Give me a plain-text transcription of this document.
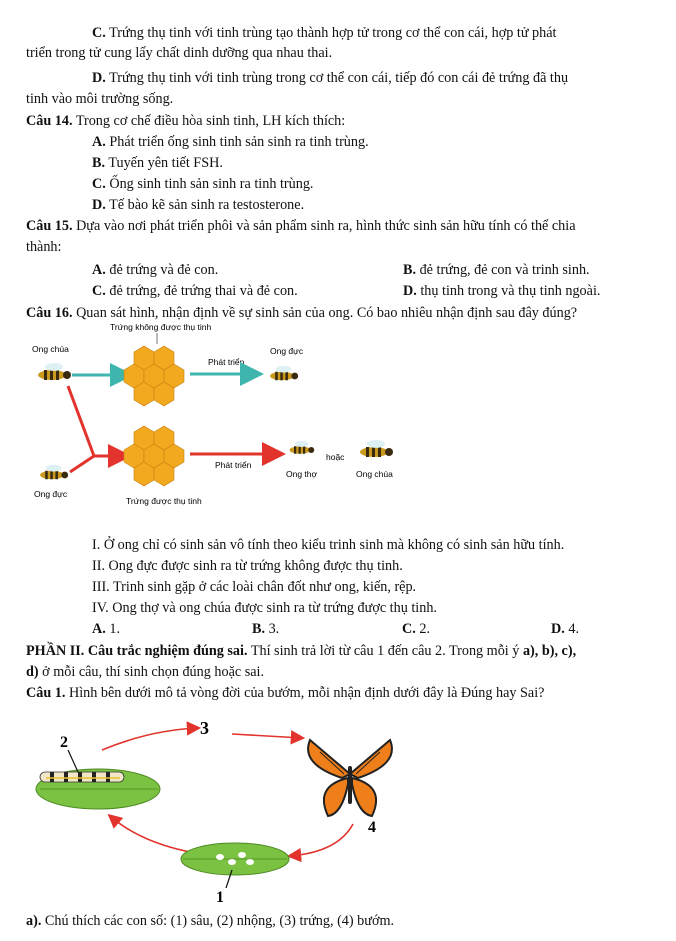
C. Trứng thụ tinh với tinh trùng tạo thành hợp tử trong cơ thể con cái, hợp tử phát
triển trong tử cung lấy chất dinh dưỡng qua nhau thai.
D. Trứng thụ tinh với tinh trùng trong cơ thể con cái, tiếp đó con cái đẻ trứng đã thụ
tinh vào môi trường sống.
Câu 14. Trong cơ chế điều hòa sinh tinh, LH kích thích:
A. Phát triển ống sinh tinh sản sinh ra tinh trùng.
B. Tuyến yên tiết FSH.
C. Ống sinh tinh sản sinh ra tinh trùng.
D. Tế bào kẽ sản sinh ra testosterone.
Câu 15. Dựa vào nơi phát triển phôi và sản phẩm sinh ra, hình thức sinh sản hữu tính có thể chia
thành:
A. đẻ trứng và đẻ con.	B. đẻ trứng, đẻ con và trinh sinh.
C. đẻ trứng, đẻ trứng thai và đẻ con.	D. thụ tinh trong và thụ tinh ngoài.
Câu 16. Quan sát hình, nhận định về sự sinh sản của ong. Có bao nhiêu nhận định sau đây đúng?
Trứng không được thụ tinh
Ong chúa
Phát triển
Ong đực
Ong đực
Trứng được thụ tinh
Phát triển
Ong thợ
hoặc
Ong chúa
I. Ở ong chỉ có sinh sản vô tính theo kiểu trinh sinh mà không có sinh sản hữu tính.
II. Ong đực được sinh ra từ trứng không được thụ tinh.
III. Trinh sinh gặp ở các loài chân đốt như ong, kiến, rệp.
IV. Ong thợ và ong chúa được sinh ra từ trứng được thụ tinh.
A. 1.	B. 3.	C. 2.	D. 4.
PHẦN II. Câu trắc nghiệm đúng sai. Thí sinh trả lời từ câu 1 đến câu 2. Trong mỗi ý a), b), c),
d) ở mỗi câu, thí sinh chọn đúng hoặc sai.
Câu 1. Hình bên dưới mô tả vòng đời của bướm, mỗi nhận định dưới đây là Đúng hay Sai?
2
3
4
1
a). Chú thích các con số: (1) sâu, (2) nhộng, (3) trứng, (4) bướm.
